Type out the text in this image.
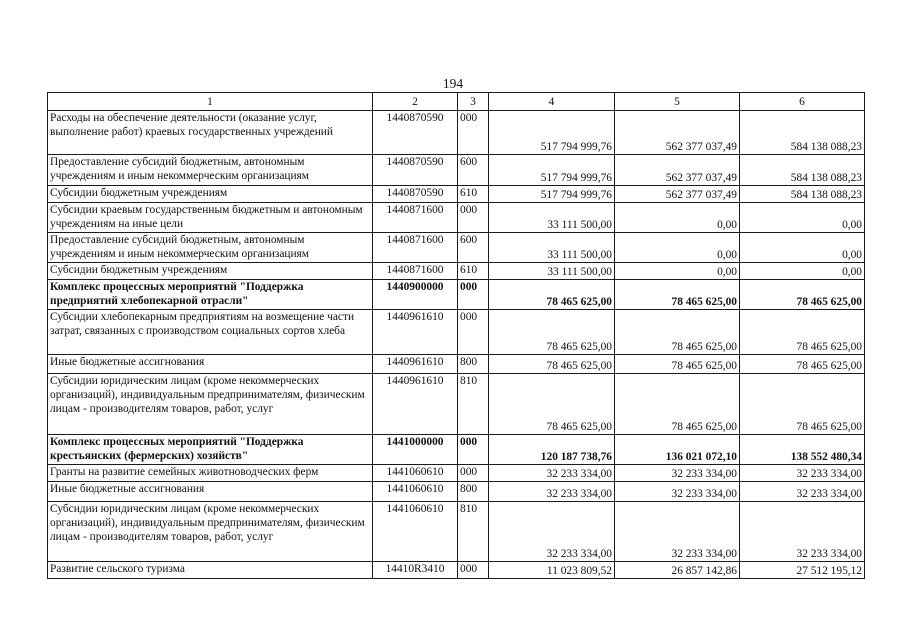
194
1	2	3	4	5	6
Расходы на обеспечение деятельности (оказание услуг, выполнение работ) краевых государственных учреждений	1440870590	000	517 794 999,76	562 377 037,49	584 138 088,23
Предоставление субсидий бюджетным, автономным учреждениям и иным некоммерческим организациям	1440870590	600	517 794 999,76	562 377 037,49	584 138 088,23
Субсидии бюджетным учреждениям	1440870590	610	517 794 999,76	562 377 037,49	584 138 088,23
Субсидии краевым государственным бюджетным и автономным учреждениям на иные цели	1440871600	000	33 111 500,00	0,00	0,00
Предоставление субсидий бюджетным, автономным учреждениям и иным некоммерческим организациям	1440871600	600	33 111 500,00	0,00	0,00
Субсидии бюджетным учреждениям	1440871600	610	33 111 500,00	0,00	0,00
Комплекс процессных мероприятий "Поддержка предприятий хлебопекарной отрасли"	1440900000	000	78 465 625,00	78 465 625,00	78 465 625,00
Субсидии хлебопекарным предприятиям на возмещение части затрат, связанных с производством социальных сортов хлеба	1440961610	000	78 465 625,00	78 465 625,00	78 465 625,00
Иные бюджетные ассигнования	1440961610	800	78 465 625,00	78 465 625,00	78 465 625,00
Субсидии юридическим лицам (кроме некоммерческих организаций), индивидуальным предпринимателям, физическим лицам - производителям товаров, работ, услуг	1440961610	810	78 465 625,00	78 465 625,00	78 465 625,00
Комплекс процессных мероприятий "Поддержка крестьянских (фермерских) хозяйств"	1441000000	000	120 187 738,76	136 021 072,10	138 552 480,34
Гранты на развитие семейных животноводческих ферм	1441060610	000	32 233 334,00	32 233 334,00	32 233 334,00
Иные бюджетные ассигнования	1441060610	800	32 233 334,00	32 233 334,00	32 233 334,00
Субсидии юридическим лицам (кроме некоммерческих организаций), индивидуальным предпринимателям, физическим лицам - производителям товаров, работ, услуг	1441060610	810	32 233 334,00	32 233 334,00	32 233 334,00
Развитие сельского туризма	14410R3410	000	11 023 809,52	26 857 142,86	27 512 195,12
